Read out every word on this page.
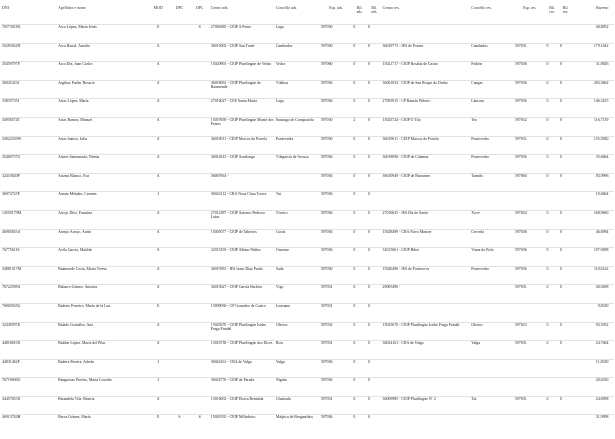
DNI	Apellidos e nome	MOD	DPC	DPL	Centro ads.	Concello ads.	Esp. ads.	Bil. ads.	Bil. ads.	Centro res.	Concello res.	Esp. res.	Bil. res.	Bil. res.	Baremo
76573018X	Arca López, María Jesús	E		S	27006385 - CEIP A Ponte	Lugo	597030	0	0						40,8852
35283024N	Arca Barral, Amalia	A			36015003 - CEIP San Tomé	Cambados	597030	0	0	36019773 - IES de Pontes	Cambados	597031	0	0	179,1642
35459797F	Arca Díz, Juan Carlos	A			15020901 - CEIP Plurilingüe de Vedra	Vedra	597060	0	0	15021717 - CEIP Rosalía de Castro	Padrón	597036	0	0	31,8826
36045323J	Argibay Padín, Rosario	A			36016091 - CEIP Plurilingüe de Baamonde	Vilaboa	597036	0	0	36001033 - CEIP de San Roque do Darbo	Cangas	597036	0	0	203,3662
33835735J	Arias López, María	A			27016027 - CEE Santa María	Lugo	597036	0	0	27005915 - CP Ramón Piñeiro	Láncara	597036	0	0	146,3415
34956574T	Arias Ramos, Manuel	A			15019559 - CEIP Plurilingüe Monte dos Postes	Santiago de Compostela	597030	2	0	15025724 - CEIP O Tilo	Teo	597032	0	0	116,7159
34922539W	Arias Santos, Julia	A			36019011 - CEIP Marcos da Portela	Pontevedra	597030	0	0	36019611 - CEIP Marcos da Portela	Pontevedra	597031	0	0	155,5830
35469757G	Arines Santamaría, Nemia	A			36012613 - CEIP Arealonga	Vilagarcía de Arousa	597036	0	0	36018090 - CEIP de Cabanas	Pontevedra	597036	0	0	35,6664
32410020F	Arizmi Blanco, Eva	A			36007663 -		597036	0	0	36010949 - CEIP de Barrantes	Tomiño	597060	0	0	83,9996
36074725F	Arnaiz Méndez, Carmen	J			36024112 - CRA Nosa Clara Torres	Tui	597036	0	0						19,6664
14550179M	Arrojo Díez, Faustina	A			27012387 - CEIP Antonio Pedrosa Latas	Viveiro	597036	0	0	27016625 - IES Illa de Sarón	Xove	597024	0	0	168,9660
46905653A	Asenjo Arrojo, Aurin	A			15005077 - CEIP de Tabeirós	Curtis	597036	0	0	15028499 - CRA Novo Mancer	Cerceda	597036	0	0	46,6994
76775611S	Ávila García, Matilde	A			32015193 - CEIP Albino Núñez	Ourense	597036	0	0	32015661 - CEIP Bibei	Viana do Bolo	597036	0	0	197,9498
34881017M	Baamonde Costa, María Teresa	A			36019381 - IES Isaac Díaz Pardo	Sada	597030	0	0	15026496 - IES de Fontecova	Pontevedra	597036	0	0	110,6142
76722598A	Babarro Gómez, Antonia	A			36015627 - CEIP García Barbón	Vigo	597031	0	0	29005490 -		597031	0	0	40,0498
76865925G	Baleato Ferreiro, María de la Luz	E			15009030 - CP Gonzalez de Castro	Lousame	597031	0	0						9,8330
32449597K	Balado González, Ana	A			15025670 - CEIP Plurilingüe Isidro Parga Pondal	Oleiros	597032	0	0	15025670 - CEIP Plurilingüe Isidro Parga Pondal	Oleiros	597023	0	0	93,5052
44816810X	Baldón López, María del Pilar	A			15016738 - CEIP Plurilingüe dos Dices	Rois	597031	0	0	36024161 - CRA de Valga	Valga	597031	0	0	24,7664
44831462F	Baleira Pereira, Adrián	J			36024161 - CRA de Valga	Valga	597036	0	0						11,8330
76719600G	Banguesas Pereiro, María Lourdes	J			36024776 - CEIP de Parada	Nigrán	597036	0	0						20,0330
44457653X	Barandela Vila, Beatriz	A			15016002 - CEIP Eloisa Rentabla	Chantada	597031	0	0	36009985 - CEIP Plurilingüe Nº 2	Tui	597031	0	0	24,6998
46913743H	Barca Gómez, María	E	S	S	15026765 - CEIP Milladoiro	Malpica de Bergantiños	597036	0	0						31,9998
